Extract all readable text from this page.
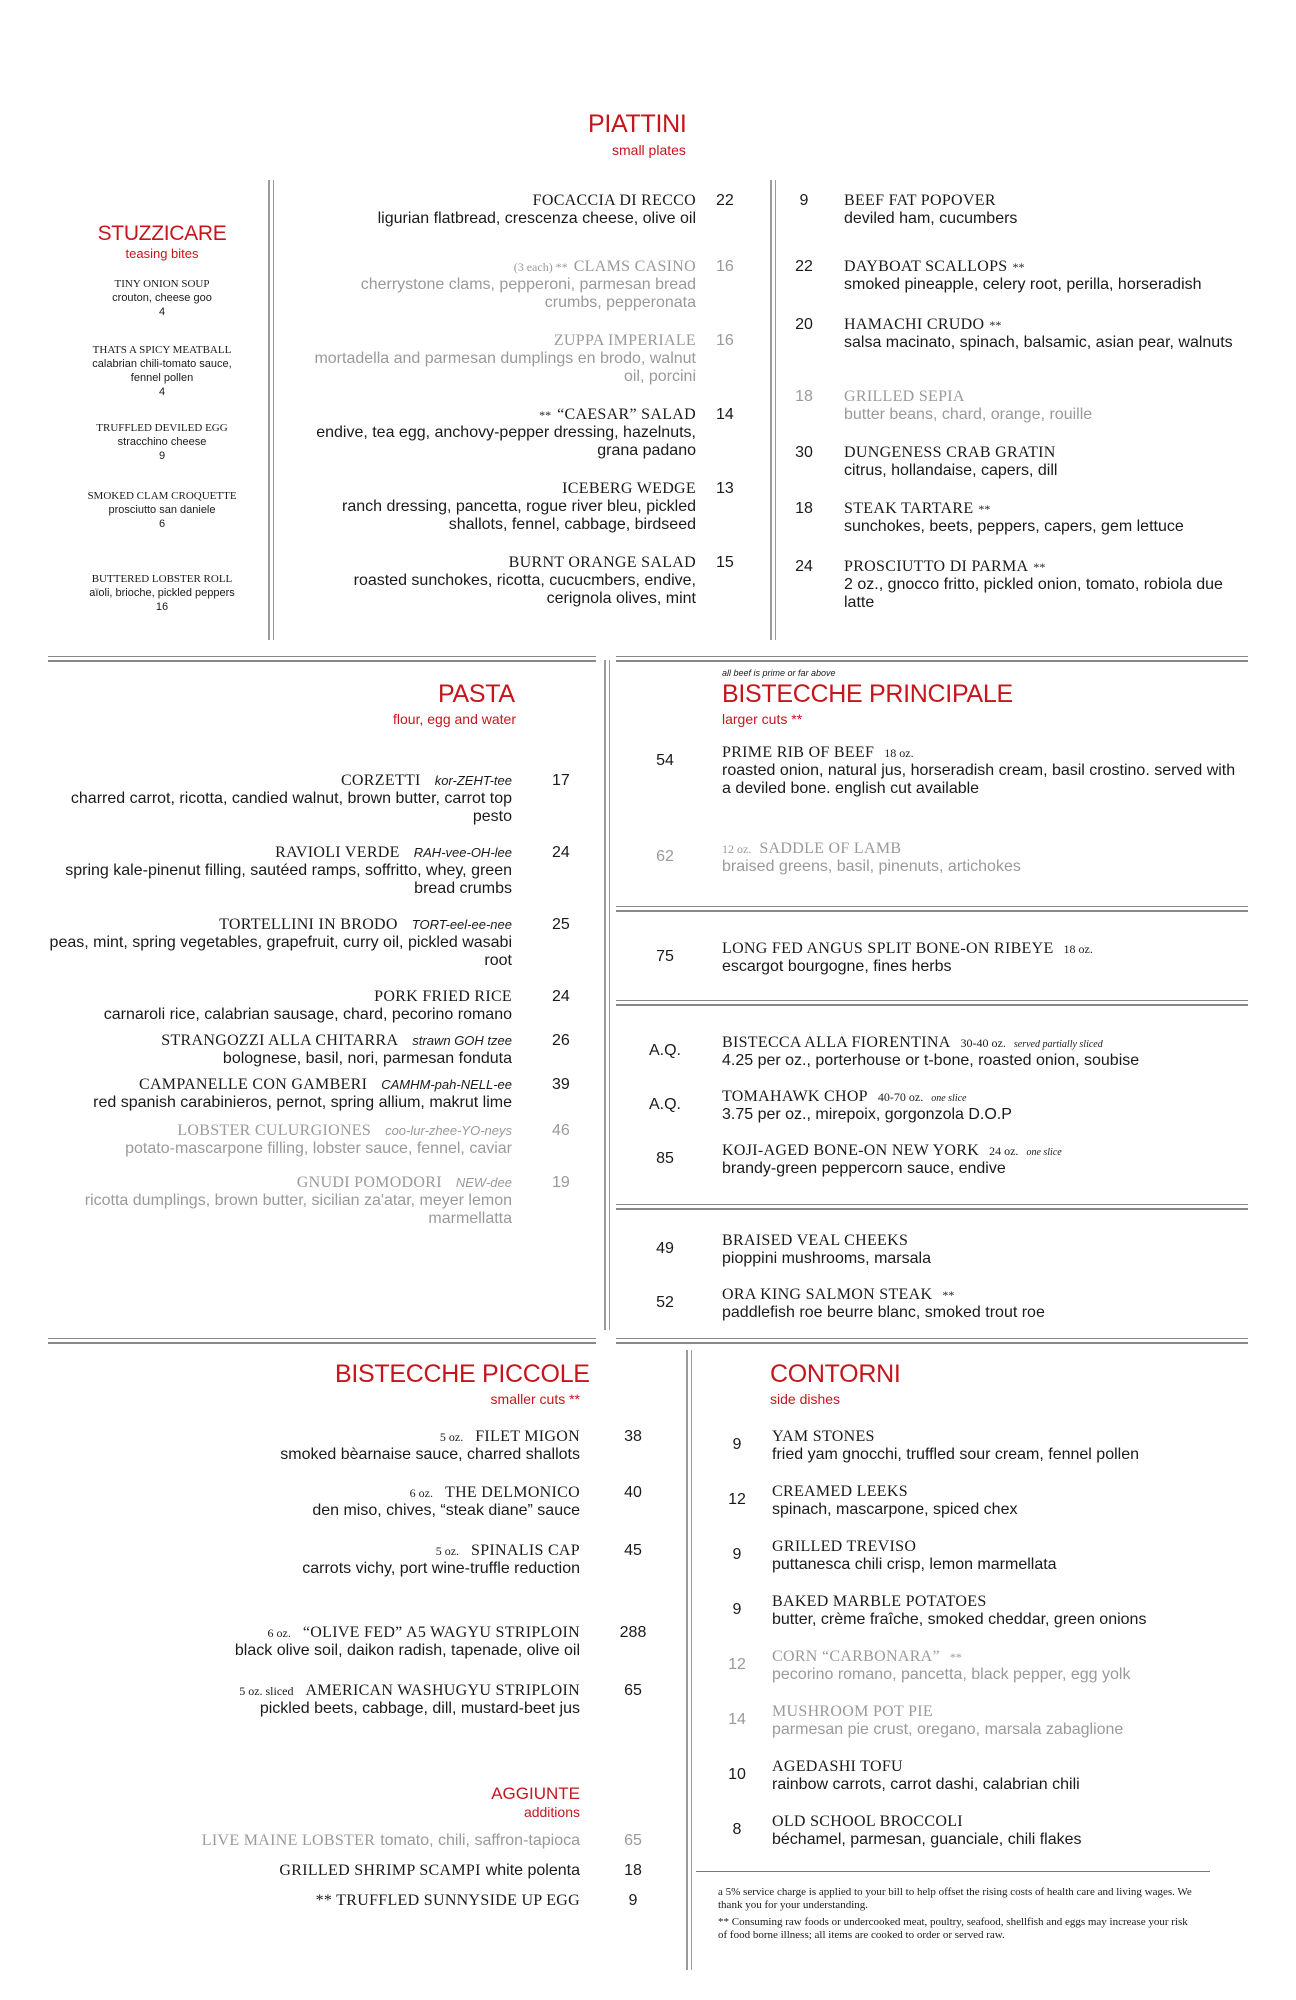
PIATTINI
small plates
STUZZICARE
teasing bites
TINY ONION SOUP
crouton, cheese goo
4
THATS A SPICY MEATBALL
calabrian chili-tomato sauce, fennel pollen
4
TRUFFLED DEVILED EGG
stracchino cheese
9
SMOKED CLAM CROQUETTE
prosciutto san daniele
6
BUTTERED LOBSTER ROLL
aïoli, brioche, pickled peppers
16
FOCACCIA DI RECCO
ligurian flatbread, crescenza cheese, olive oil
22
(3 each) ** CLAMS CASINO
cherrystone clams, pepperoni, parmesan bread crumbs, pepperonata
16
ZUPPA IMPERIALE
mortadella and parmesan dumplings en brodo, walnut oil, porcini
16
** “CAESAR” SALAD
endive, tea egg, anchovy-pepper dressing, hazelnuts, grana padano
14
ICEBERG WEDGE
ranch dressing, pancetta, rogue river bleu, pickled shallots, fennel, cabbage, birdseed
13
BURNT ORANGE SALAD
roasted sunchokes, ricotta, cucucmbers, endive, cerignola olives, mint
15
9	BEEF FAT POPOVER
deviled ham, cucumbers
22	DAYBOAT SCALLOPS **
smoked pineapple, celery root, perilla, horseradish
20	HAMACHI CRUDO **
salsa macinato, spinach, balsamic, asian pear, walnuts
18	GRILLED SEPIA
butter beans, chard, orange, rouille
30	DUNGENESS CRAB GRATIN
citrus, hollandaise, capers, dill
18	STEAK TARTARE **
sunchokes, beets, peppers, capers, gem lettuce
24	PROSCIUTTO DI PARMA **
2 oz., gnocco fritto, pickled onion, tomato, robiola due latte
PASTA
flour, egg and water
CORZETTI kor-ZEHT-tee
charred carrot, ricotta, candied walnut, brown butter, carrot top pesto
17
RAVIOLI VERDE RAH-vee-OH-lee
spring kale-pinenut filling, sautéed ramps, soffritto, whey, green bread crumbs
24
TORTELLINI IN BRODO TORT-eel-ee-nee
peas, mint, spring vegetables, grapefruit, curry oil, pickled wasabi root
25
PORK FRIED RICE
carnaroli rice, calabrian sausage, chard, pecorino romano
24
STRANGOZZI ALLA CHITARRA strawn GOH tzee
bolognese, basil, nori, parmesan fonduta
26
CAMPANELLE CON GAMBERI CAMHM-pah-NELL-ee
red spanish carabinieros, pernot, spring allium, makrut lime
39
LOBSTER CULURGIONES coo-lur-zhee-YO-neys
potato-mascarpone filling, lobster sauce, fennel, caviar
46
GNUDI POMODORI NEW-dee
ricotta dumplings, brown butter, sicilian za'atar, meyer lemon marmellatta
19
all beef is prime or far above
BISTECCHE PRINCIPALE
larger cuts **
54	PRIME RIB OF BEEF 18 oz.
roasted onion, natural jus, horseradish cream, basil crostino. served with a deviled bone. english cut available
62	12 oz. SADDLE OF LAMB
braised greens, basil, pinenuts, artichokes
75	LONG FED ANGUS SPLIT BONE-ON RIBEYE 18 oz.
escargot bourgogne, fines herbs
A.Q.	BISTECCA ALLA FIORENTINA 30-40 oz. served partially sliced
4.25 per oz., porterhouse or t-bone, roasted onion, soubise
A.Q.	TOMAHAWK CHOP 40-70 oz. one slice
3.75 per oz., mirepoix, gorgonzola D.O.P
85	KOJI-AGED BONE-ON NEW YORK 24 oz. one slice
brandy-green peppercorn sauce, endive
49	BRAISED VEAL CHEEKS
pioppini mushrooms, marsala
52	ORA KING SALMON STEAK **
paddlefish roe beurre blanc, smoked trout roe
BISTECCHE PICCOLE
smaller cuts **
5 oz. FILET MIGON
smoked bèarnaise sauce, charred shallots
38
6 oz. THE DELMONICO
den miso, chives, “steak diane” sauce
40
5 oz. SPINALIS CAP
carrots vichy, port wine-truffle reduction
45
6 oz. “OLIVE FED” A5 WAGYU STRIPLOIN
black olive soil, daikon radish, tapenade, olive oil
288
5 oz. sliced AMERICAN WASHUGYU STRIPLOIN
pickled beets, cabbage, dill, mustard-beet jus
65
AGGIUNTE
additions
LIVE MAINE LOBSTER tomato, chili, saffron-tapioca	65
GRILLED SHRIMP SCAMPI white polenta	18
** TRUFFLED SUNNYSIDE UP EGG	9
CONTORNI
side dishes
9	YAM STONES
fried yam gnocchi, truffled sour cream, fennel pollen
12	CREAMED LEEKS
spinach, mascarpone, spiced chex
9	GRILLED TREVISO
puttanesca chili crisp, lemon marmellata
9	BAKED MARBLE POTATOES
butter, crème fraîche, smoked cheddar, green onions
12	CORN “CARBONARA” **
pecorino romano, pancetta, black pepper, egg yolk
14	MUSHROOM POT PIE
parmesan pie crust, oregano, marsala zabaglione
10	AGEDASHI TOFU
rainbow carrots, carrot dashi, calabrian chili
8	OLD SCHOOL BROCCOLI
béchamel, parmesan, guanciale, chili flakes
a 5% service charge is applied to your bill to help offset the rising costs of health care and living wages. We thank you for your understanding.
** Consuming raw foods or undercooked meat, poultry, seafood, shellfish and eggs may increase your risk of food borne illness; all items are cooked to order or served raw.
